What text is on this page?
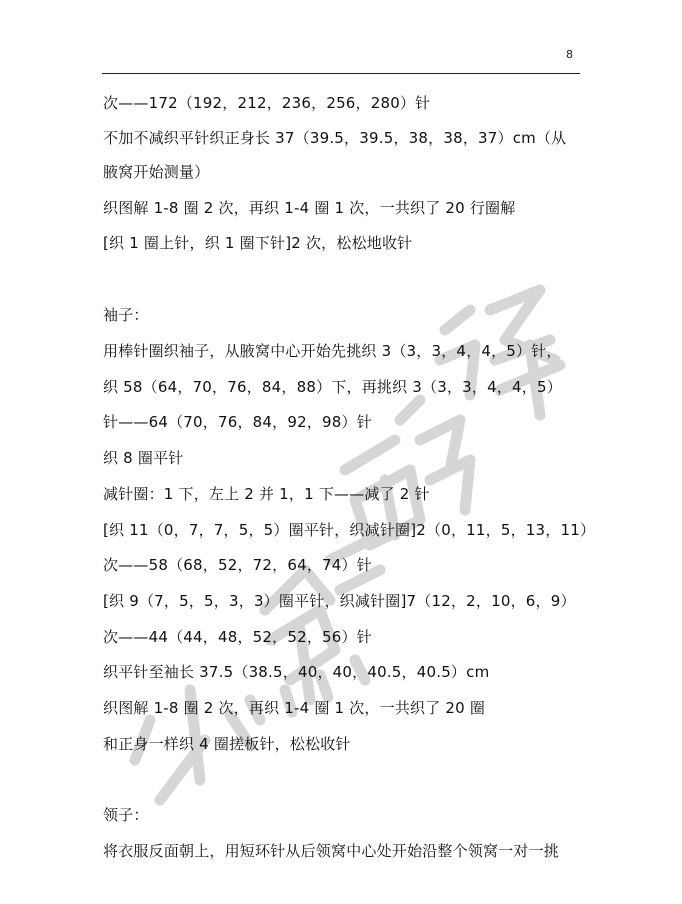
8
次——172（192，212，236，256，280）针
不加不减织平针织正身长 37（39.5，39.5，38，38，37）cm（从
腋窝开始测量）
织图解 1-8 圈 2 次，再织 1-4 圈 1 次，一共织了 20 行圈解
[织 1 圈上针，织 1 圈下针]2 次，松松地收针
袖子：
用棒针圈织袖子，从腋窝中心开始先挑织 3（3，3，4，4，5）针，
织 58（64，70，76，84，88）下，再挑织 3（3，3，4，4，5）
针——64（70，76，84，92，98）针
织 8 圈平针
减针圈：1 下，左上 2 并 1，1 下——减了 2 针
[织 11（0，7，7，5，5）圈平针，织减针圈]2（0，11，5，13，11）
次——58（68，52，72，64，74）针
[织 9（7，5，5，3，3）圈平针，织减针圈]7（12，2，10，6，9）
次——44（44，48，52，52，56）针
织平针至袖长 37.5（38.5，40，40，40.5，40.5）cm
织图解 1-8 圈 2 次，再织 1-4 圈 1 次，一共织了 20 圈
和正身一样织 4 圈搓板针，松松收针
领子：
将衣服反面朝上，用短环针从后领窝中心处开始沿整个领窝一对一挑
